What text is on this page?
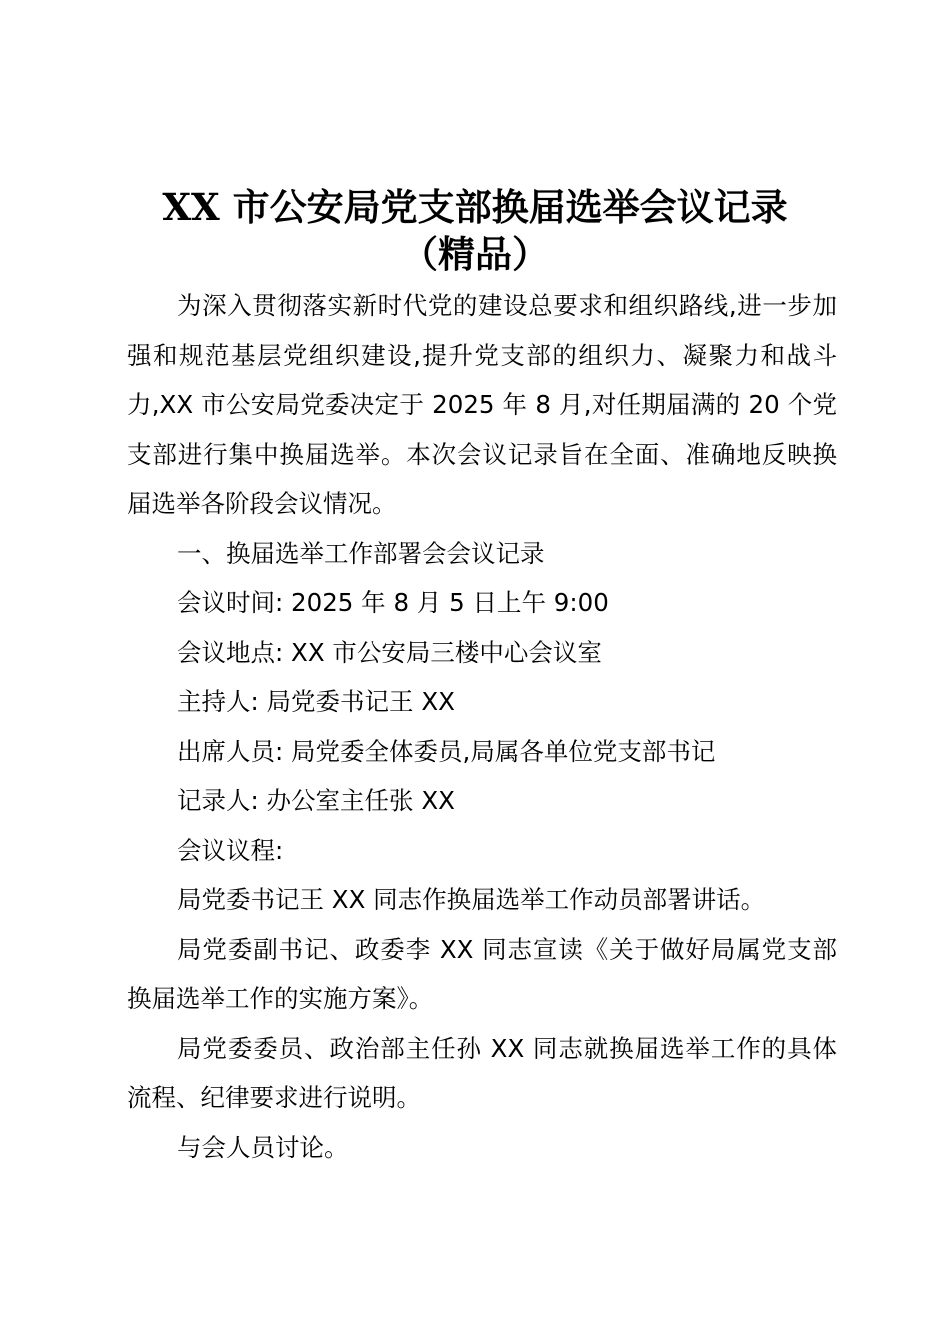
XX 市公安局党支部换届选举会议记录
（精品）

为深入贯彻落实新时代党的建设总要求和组织路线,进一步加强和规范基层党组织建设,提升党支部的组织力、凝聚力和战斗力,XX 市公安局党委决定于 2025 年 8 月,对任期届满的 20 个党支部进行集中换届选举。本次会议记录旨在全面、准确地反映换届选举各阶段会议情况。

一、换届选举工作部署会会议记录

会议时间: 2025 年 8 月 5 日上午 9:00

会议地点: XX 市公安局三楼中心会议室

主持人: 局党委书记王 XX

出席人员: 局党委全体委员,局属各单位党支部书记

记录人: 办公室主任张 XX

会议议程:

局党委书记王 XX 同志作换届选举工作动员部署讲话。

局党委副书记、政委李 XX 同志宣读《关于做好局属党支部换届选举工作的实施方案》。

局党委委员、政治部主任孙 XX 同志就换届选举工作的具体流程、纪律要求进行说明。

与会人员讨论。
